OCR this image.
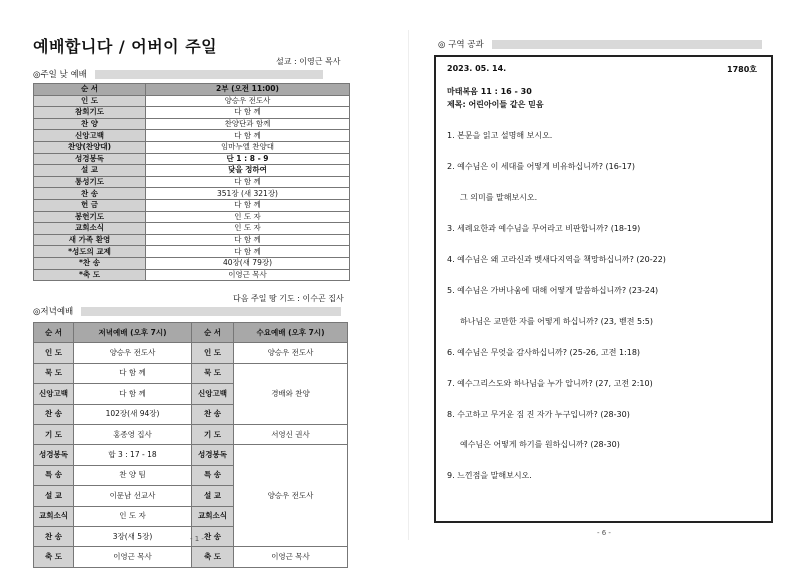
예배합니다 / 어버이 주일
설교 : 이영근 목사
◎주일 낮 예배
순 서	2부 (오전 11:00)
인 도	양승우 전도사
참회기도	다 함 께
찬 양	찬양단과 함께
신앙고백	다 함 께
찬양(찬양대)	임마누엘 찬양대
성경봉독	단 1 : 8 - 9
설 교	닻을 정하여
통성기도	다 함 께
찬 송	351장 (새 321장)
헌 금	다 함 께
봉헌기도	인 도 자
교회소식	인 도 자
새 가족 환영	다 함 께
*성도의 교제	다 함 께
*찬 송	40장(새 79장)
*축 도	이영근 목사
다음 주일 땅 기도 : 이수곤 집사
◎저녁예배
순 서	저녁예배 (오후 7시)	순 서	수요예배 (오후 7시)
인 도	양승우 전도사	인 도	양승우 전도사
묵 도	다 함 께	묵 도	경배와 찬양
신앙고백	다 함 께	신앙고백	
찬 송	102장(새 94장)	찬 송	
기 도	홍종영 집사	기 도	서영신 권사
성경봉독	합 3 : 17 - 18	성경봉독	양승우 전도사
특 송	찬 양 팀	특 송	
설 교	이문남 선교사	설 교	
교회소식	인 도 자	교회소식	
찬 송	3장(새 5장)	찬 송	
축 도	이영근 목사	축 도	이영근 목사
- 1 -
◎ 구역 공과
2023. 05. 14.	1780호
마태복음 11 : 16 - 30
제목: 어린아이들 같은 믿음
1. 본문을 읽고 설명해 보시오.
2. 예수님은 이 세대를 어떻게 비유하십니까? (16-17)
그 의미를 말해보시오.
3. 세례요한과 예수님을 무어라고 비판합니까? (18-19)
4. 예수님은 왜 고라신과 벳새다지역을 책망하십니까? (20-22)
5. 예수님은 가버나움에 대해 어떻게 말씀하십니까? (23-24)
하나님은 교만한 자를 어떻게 하십니까? (23, 벧전 5:5)
6. 예수님은 무엇을 감사하십니까? (25-26, 고전 1:18)
7. 예수그리스도와 하나님을 누가 압니까? (27, 고전 2:10)
8. 수고하고 무거운 짐 진 자가 누구입니까? (28-30)
예수님은 어떻게 하기를 원하십니까? (28-30)
9. 느낀점을 말해보시오.
- 6 -
